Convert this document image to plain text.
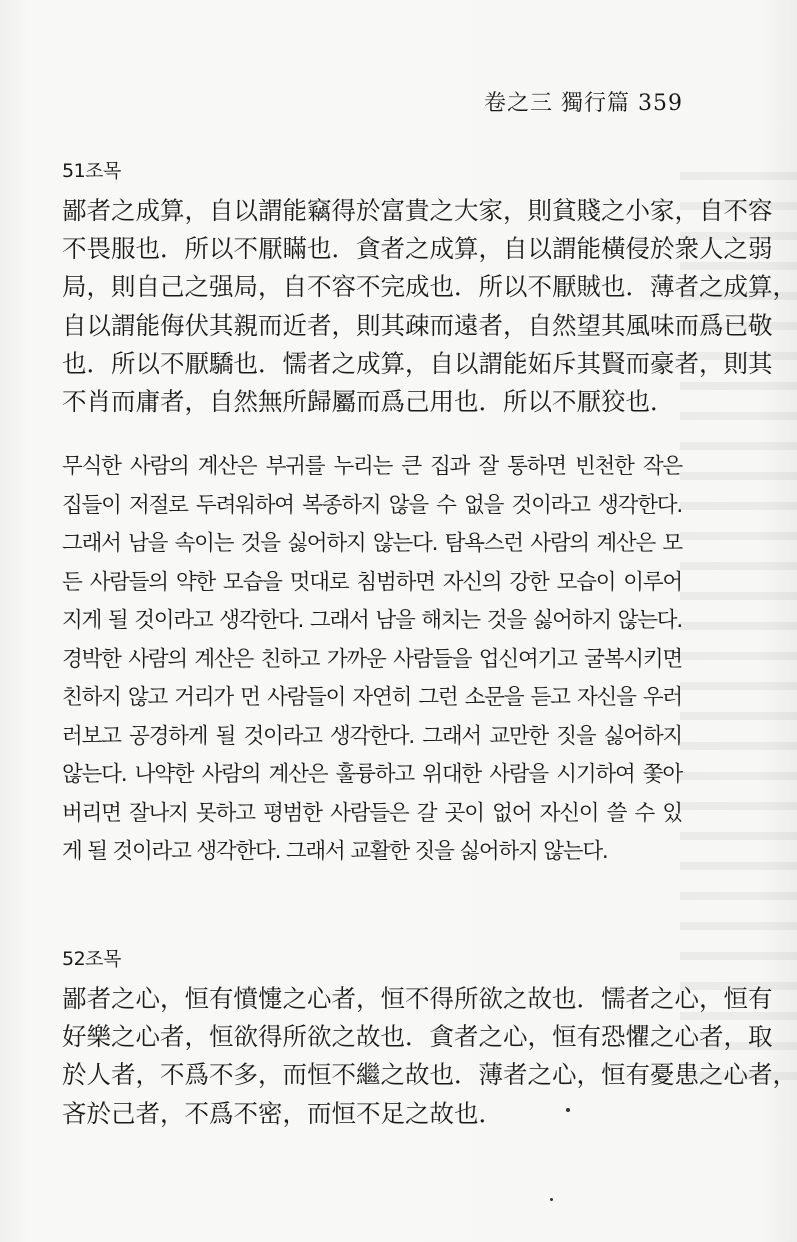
卷之三 獨行篇 359
51조목
鄙者之成算，自以謂能竊得於富貴之大家，則貧賤之小家，自不容
不畏服也．所以不厭瞞也．貪者之成算，自以謂能橫侵於衆人之弱
局，則自己之强局，自不容不完成也．所以不厭賊也．薄者之成算，
自以謂能侮伏其親而近者，則其疎而遠者，自然望其風味而爲已敬
也．所以不厭驕也．懦者之成算，自以謂能妬斥其賢而豪者，則其
不肖而庸者，自然無所歸屬而爲己用也．所以不厭狡也．
무식한 사람의 계산은 부귀를 누리는 큰 집과 잘 통하면 빈천한 작은
집들이 저절로 두려워하여 복종하지 않을 수 없을 것이라고 생각한다.
그래서 남을 속이는 것을 싫어하지 않는다. 탐욕스런 사람의 계산은 모
든 사람들의 약한 모습을 멋대로 침범하면 자신의 강한 모습이 이루어
지게 될 것이라고 생각한다. 그래서 남을 해치는 것을 싫어하지 않는다.
경박한 사람의 계산은 친하고 가까운 사람들을 업신여기고 굴복시키면
친하지 않고 거리가 먼 사람들이 자연히 그런 소문을 듣고 자신을 우러
러보고 공경하게 될 것이라고 생각한다. 그래서 교만한 짓을 싫어하지
않는다. 나약한 사람의 계산은 훌륭하고 위대한 사람을 시기하여 쫓아
버리면 잘나지 못하고 평범한 사람들은 갈 곳이 없어 자신이 쓸 수 있
게 될 것이라고 생각한다. 그래서 교활한 짓을 싫어하지 않는다.
52조목
鄙者之心，恒有憤懥之心者，恒不得所欲之故也．懦者之心，恒有
好樂之心者，恒欲得所欲之故也．貪者之心，恒有恐懼之心者，取
於人者，不爲不多，而恒不繼之故也．薄者之心，恒有憂患之心者，
吝於己者，不爲不密，而恒不足之故也．
